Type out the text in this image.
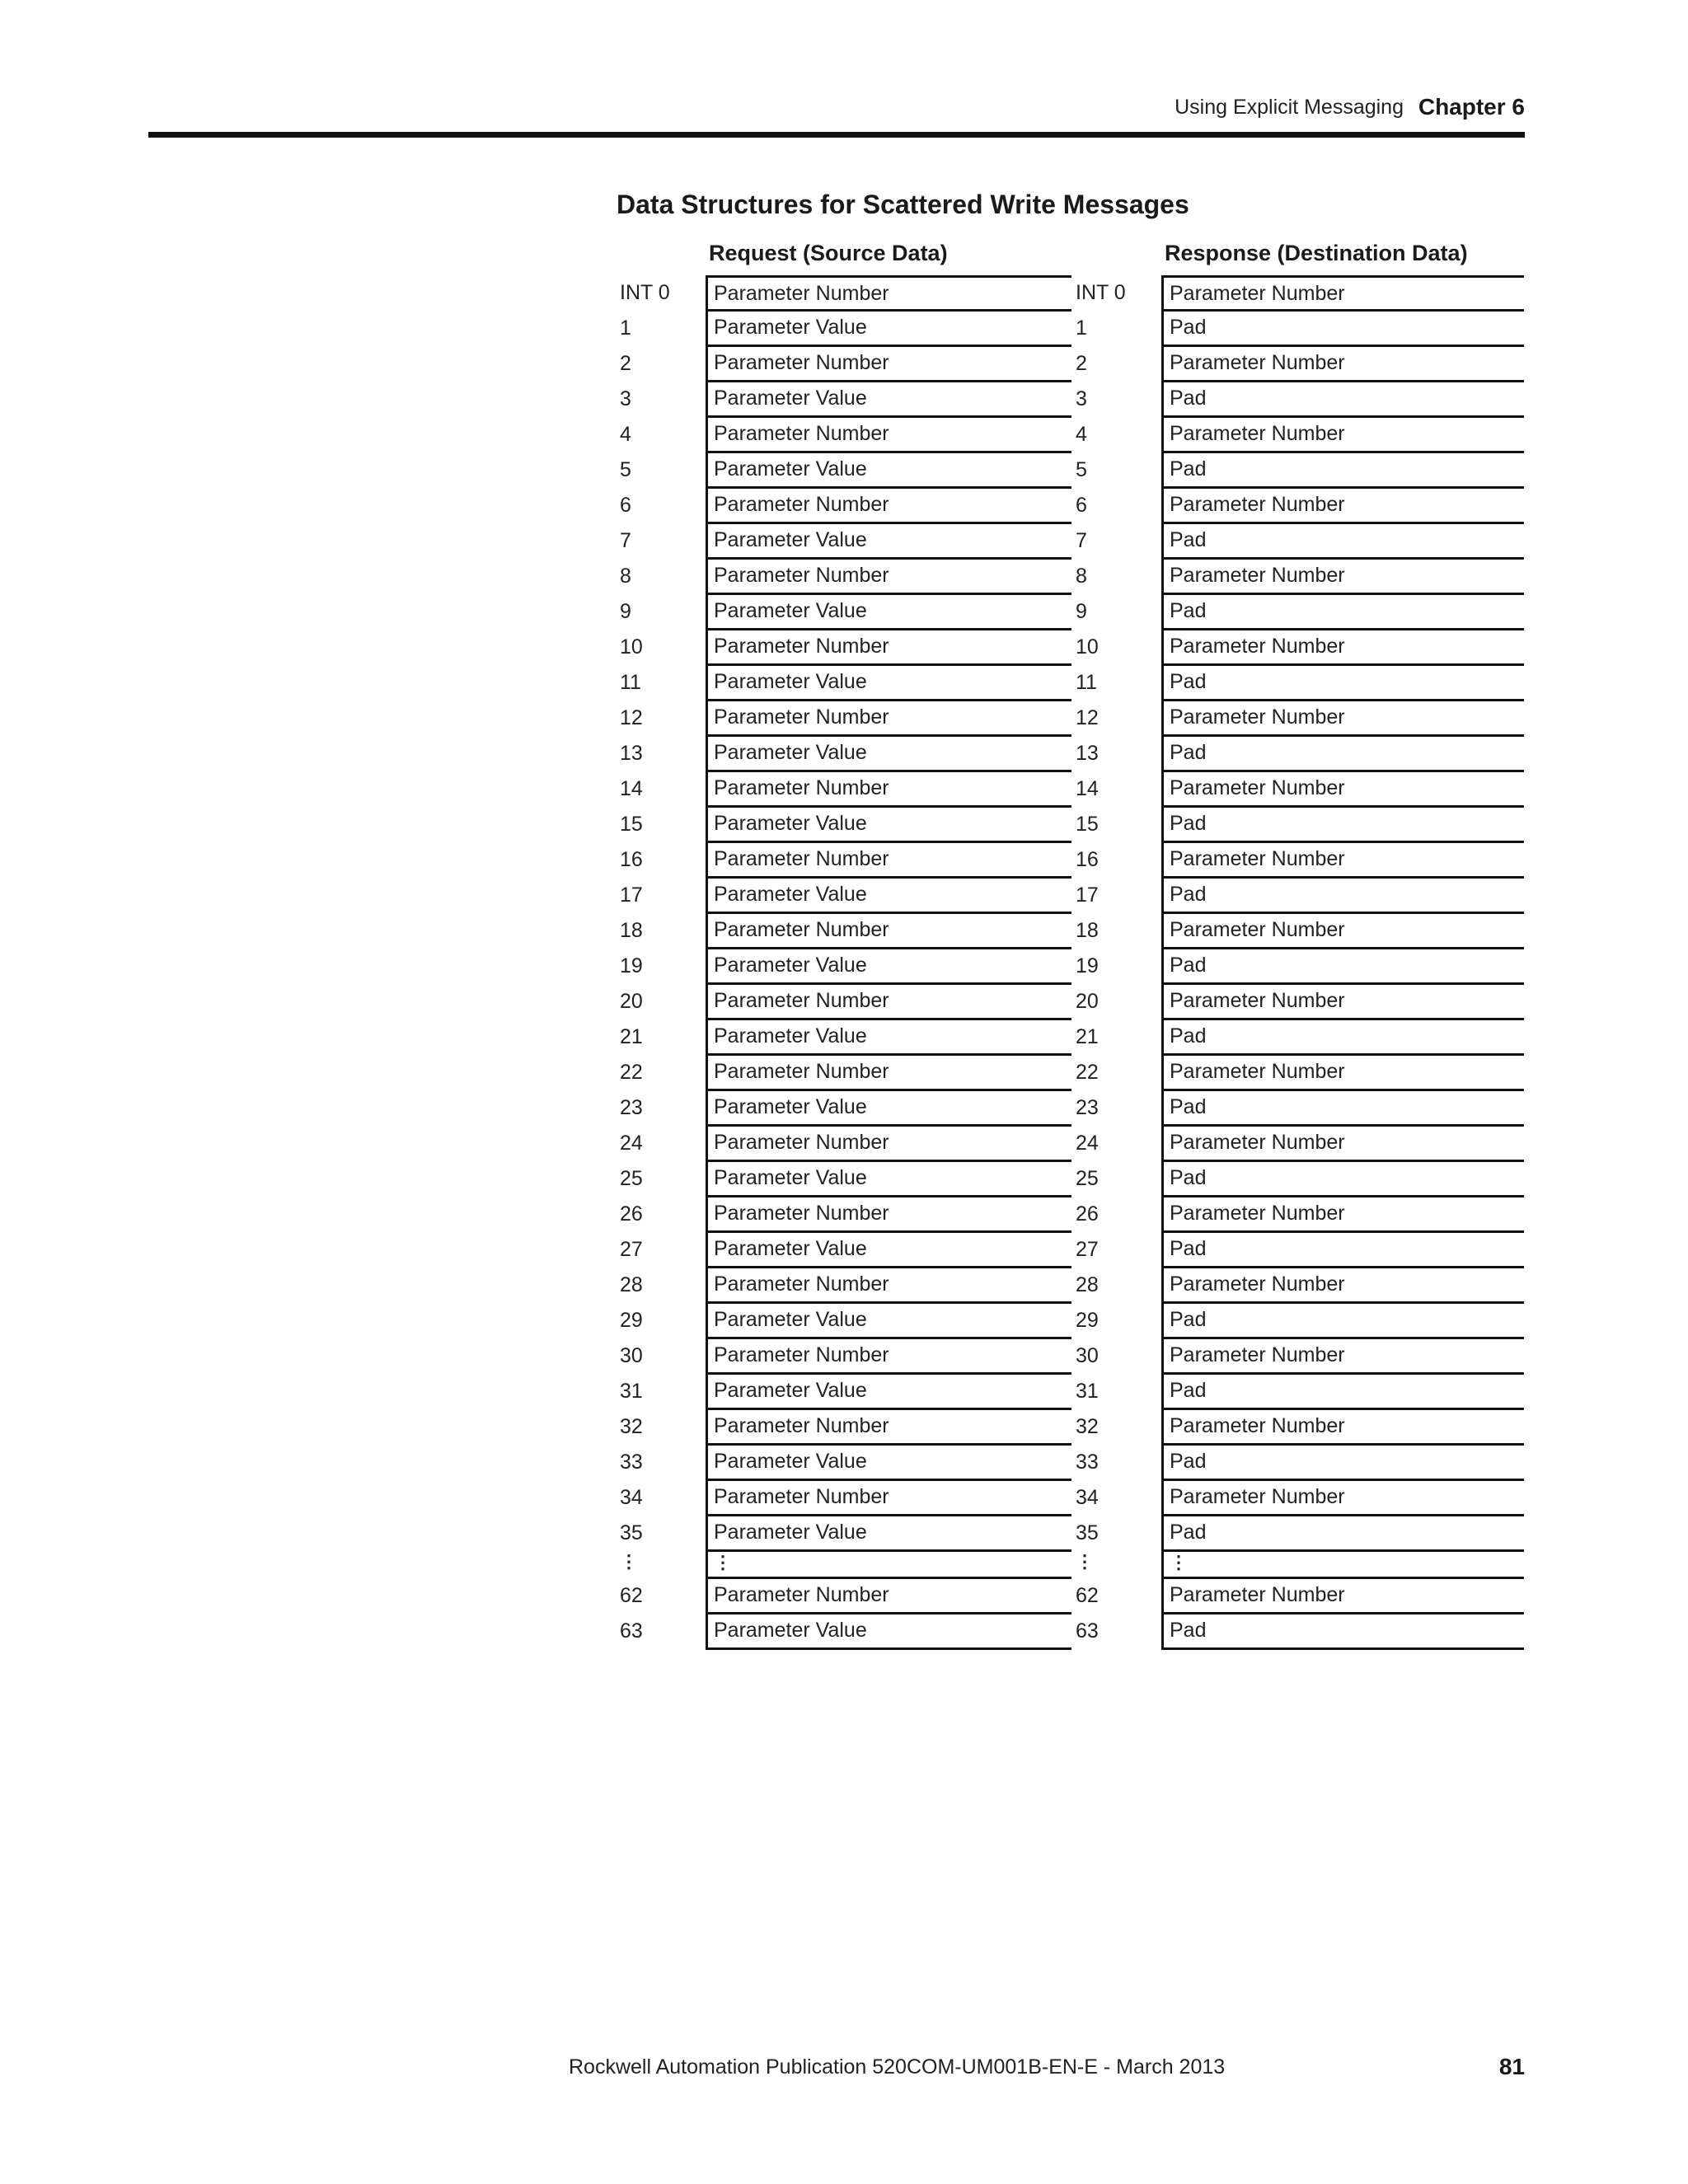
Using Explicit Messaging Chapter 6
Data Structures for Scattered Write Messages
Request (Source Data)
INT 0	Parameter Number
1	Parameter Value
2	Parameter Number
3	Parameter Value
4	Parameter Number
5	Parameter Value
6	Parameter Number
7	Parameter Value
8	Parameter Number
9	Parameter Value
10	Parameter Number
11	Parameter Value
12	Parameter Number
13	Parameter Value
14	Parameter Number
15	Parameter Value
16	Parameter Number
17	Parameter Value
18	Parameter Number
19	Parameter Value
20	Parameter Number
21	Parameter Value
22	Parameter Number
23	Parameter Value
24	Parameter Number
25	Parameter Value
26	Parameter Number
27	Parameter Value
28	Parameter Number
29	Parameter Value
30	Parameter Number
31	Parameter Value
32	Parameter Number
33	Parameter Value
34	Parameter Number
35	Parameter Value
⋮	⋮
62	Parameter Number
63	Parameter Value
Response (Destination Data)
INT 0	Parameter Number
1	Pad
2	Parameter Number
3	Pad
4	Parameter Number
5	Pad
6	Parameter Number
7	Pad
8	Parameter Number
9	Pad
10	Parameter Number
11	Pad
12	Parameter Number
13	Pad
14	Parameter Number
15	Pad
16	Parameter Number
17	Pad
18	Parameter Number
19	Pad
20	Parameter Number
21	Pad
22	Parameter Number
23	Pad
24	Parameter Number
25	Pad
26	Parameter Number
27	Pad
28	Parameter Number
29	Pad
30	Parameter Number
31	Pad
32	Parameter Number
33	Pad
34	Parameter Number
35	Pad
⋮	⋮
62	Parameter Number
63	Pad
Rockwell Automation Publication 520COM-UM001B-EN-E - March 2013	81
